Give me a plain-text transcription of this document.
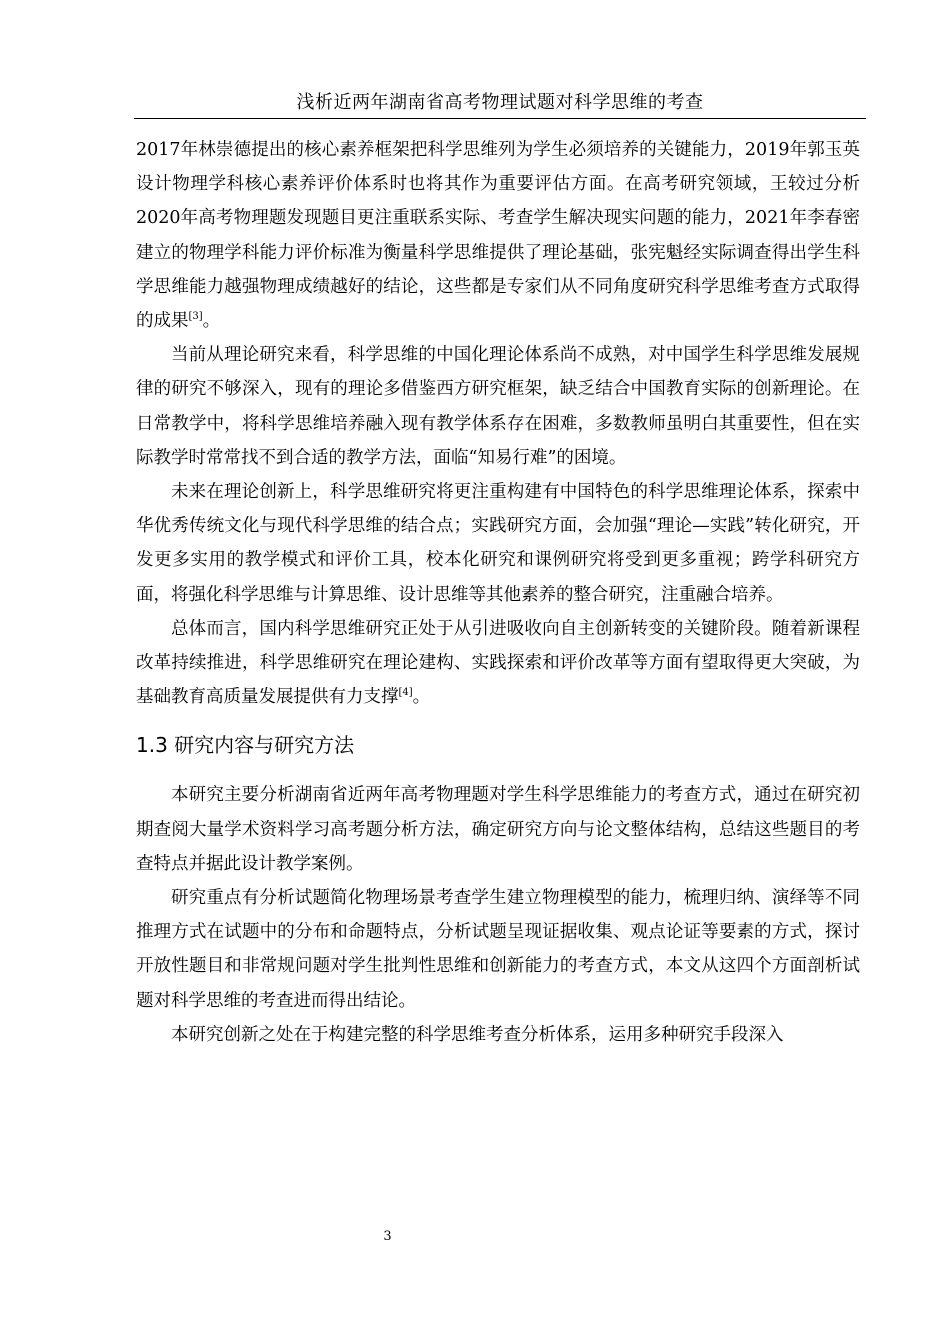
浅析近两年湖南省高考物理试题对科学思维的考查

2017年林崇德提出的核心素养框架把科学思维列为学生必须培养的关键能力，2019年郭玉英设计物理学科核心素养评价体系时也将其作为重要评估方面。在高考研究领域，王较过分析2020年高考物理题发现题目更注重联系实际、考查学生解决现实问题的能力，2021年李春密建立的物理学科能力评价标准为衡量科学思维提供了理论基础，张宪魁经实际调查得出学生科学思维能力越强物理成绩越好的结论，这些都是专家们从不同角度研究科学思维考查方式取得的成果[3]。

当前从理论研究来看，科学思维的中国化理论体系尚不成熟，对中国学生科学思维发展规律的研究不够深入，现有的理论多借鉴西方研究框架，缺乏结合中国教育实际的创新理论。在日常教学中，将科学思维培养融入现有教学体系存在困难，多数教师虽明白其重要性，但在实际教学时常常找不到合适的教学方法，面临“知易行难”的困境。

未来在理论创新上，科学思维研究将更注重构建有中国特色的科学思维理论体系，探索中华优秀传统文化与现代科学思维的结合点；实践研究方面，会加强“理论—实践”转化研究，开发更多实用的教学模式和评价工具，校本化研究和课例研究将受到更多重视；跨学科研究方面，将强化科学思维与计算思维、设计思维等其他素养的整合研究，注重融合培养。

总体而言，国内科学思维研究正处于从引进吸收向自主创新转变的关键阶段。随着新课程改革持续推进，科学思维研究在理论建构、实践探索和评价改革等方面有望取得更大突破，为基础教育高质量发展提供有力支撑[4]。

1.3 研究内容与研究方法

本研究主要分析湖南省近两年高考物理题对学生科学思维能力的考查方式，通过在研究初期查阅大量学术资料学习高考题分析方法，确定研究方向与论文整体结构，总结这些题目的考查特点并据此设计教学案例。

研究重点有分析试题简化物理场景考查学生建立物理模型的能力，梳理归纳、演绎等不同推理方式在试题中的分布和命题特点，分析试题呈现证据收集、观点论证等要素的方式，探讨开放性题目和非常规问题对学生批判性思维和创新能力的考查方式，本文从这四个方面剖析试题对科学思维的考查进而得出结论。

本研究创新之处在于构建完整的科学思维考查分析体系，运用多种研究手段深入

3
